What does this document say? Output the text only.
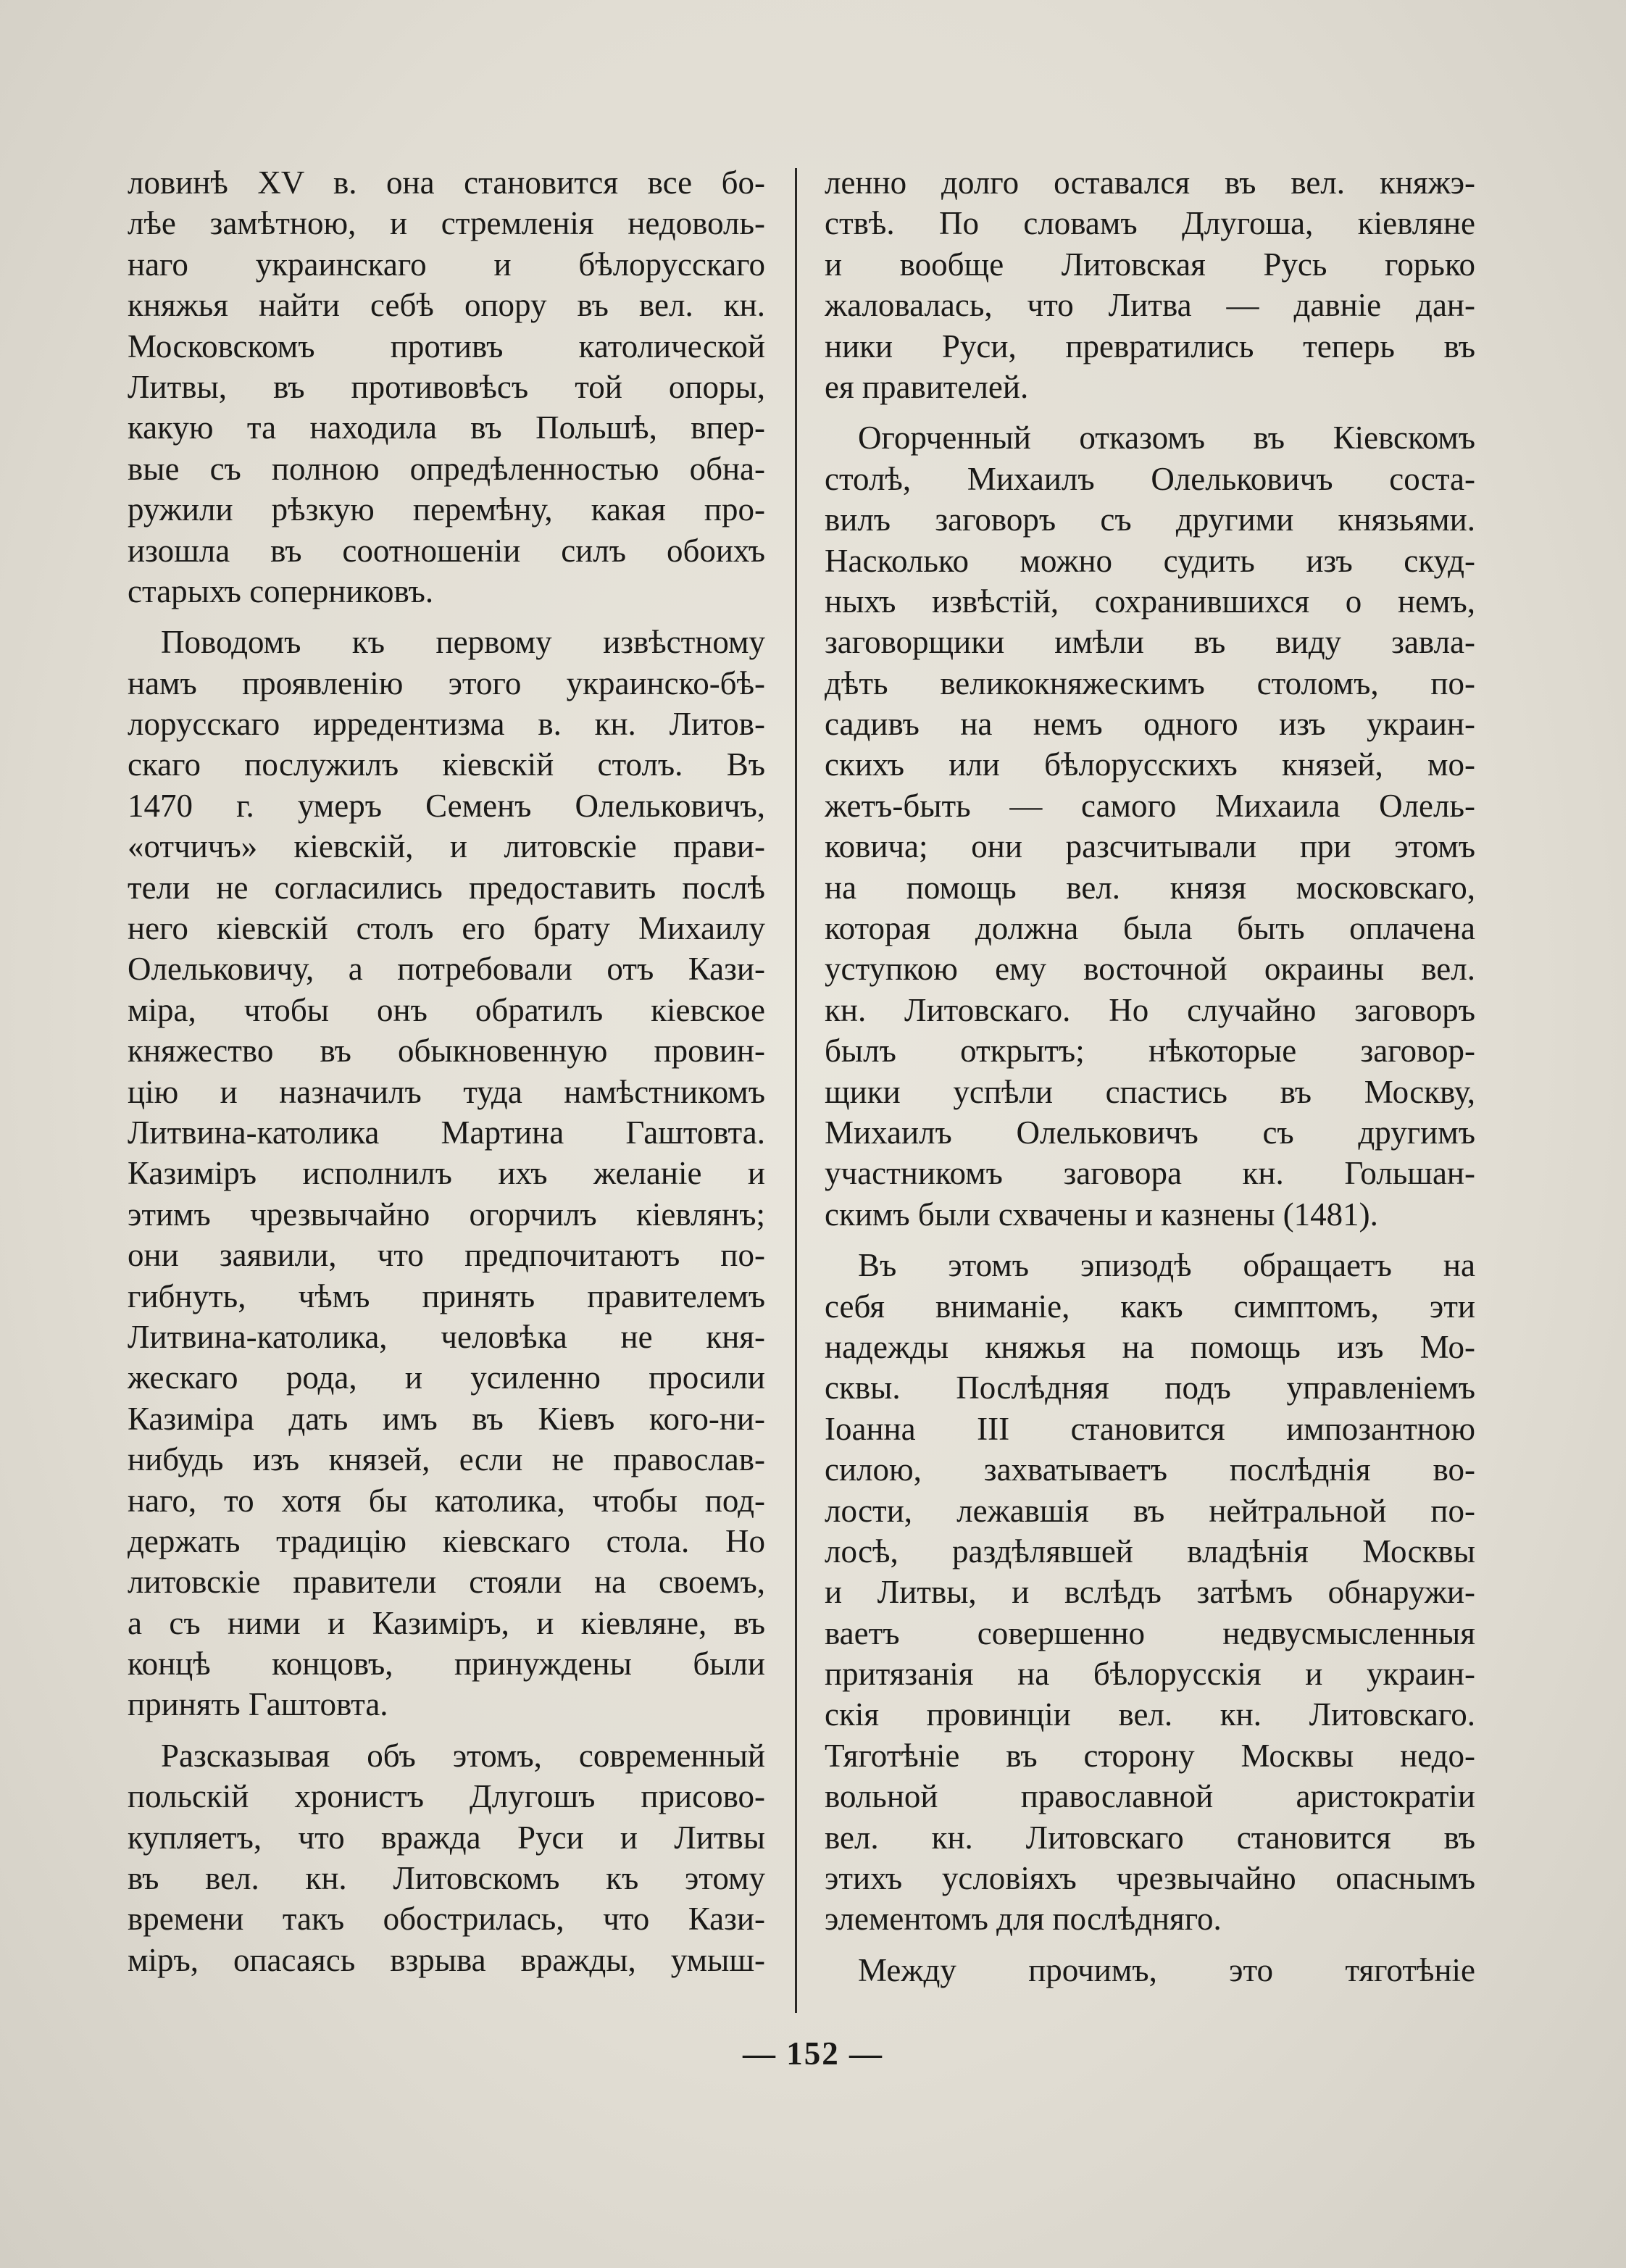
ловинѣ XV в. она становится все бо-
лѣе замѣтною, и стремленія недоволь-
наго украинскаго и бѣлорусскаго
княжья найти себѣ опору въ вел. кн.
Московскомъ противъ католической
Литвы, въ противовѣсъ той опоры,
какую та находила въ Польшѣ, впер-
вые съ полною опредѣленностью обна-
ружили рѣзкую перемѣну, какая про-
изошла въ соотношеніи силъ обоихъ
старыхъ соперниковъ.
Поводомъ къ первому извѣстному
намъ проявленію этого украинско-бѣ-
лорусскаго ирредентизма в. кн. Литов-
скаго послужилъ кіевскій столъ. Въ
1470 г. умеръ Семенъ Олельковичъ,
«отчичъ» кіевскій, и литовскіе прави-
тели не согласились предоставить послѣ
него кіевскій столъ его брату Михаилу
Олельковичу, а потребовали отъ Кази-
міра, чтобы онъ обратилъ кіевское
княжество въ обыкновенную провин-
цію и назначилъ туда намѣстникомъ
Литвина-католика Мартина Гаштовта.
Казиміръ исполнилъ ихъ желаніе и
этимъ чрезвычайно огорчилъ кіевлянъ;
они заявили, что предпочитаютъ по-
гибнуть, чѣмъ принять правителемъ
Литвина-католика, человѣка не кня-
жескаго рода, и усиленно просили
Казиміра дать имъ въ Кіевъ кого-ни-
нибудь изъ князей, если не православ-
наго, то хотя бы католика, чтобы под-
держать традицію кіевскаго стола. Но
литовскіе правители стояли на своемъ,
а съ ними и Казиміръ, и кіевляне, въ
концѣ концовъ, принуждены были
принять Гаштовта.
Разсказывая объ этомъ, современный
польскій хронистъ Длугошъ присово-
купляетъ, что вражда Руси и Литвы
въ вел. кн. Литовскомъ къ этому
времени такъ обострилась, что Кази-
міръ, опасаясь взрыва вражды, умыш-
ленно долго оставался въ вел. княжэ-
ствѣ. По словамъ Длугоша, кіевляне
и вообще Литовская Русь горько
жаловалась, что Литва — давніе дан-
ники Руси, превратились теперь въ
ея правителей.
Огорченный отказомъ въ Кіевскомъ
столѣ, Михаилъ Олельковичъ соста-
вилъ заговоръ съ другими князьями.
Насколько можно судить изъ скуд-
ныхъ извѣстій, сохранившихся о немъ,
заговорщики имѣли въ виду завла-
дѣть великокняжескимъ столомъ, по-
садивъ на немъ одного изъ украин-
скихъ или бѣлорусскихъ князей, мо-
жетъ-быть — самого Михаила Олель-
ковича; они разсчитывали при этомъ
на помощь вел. князя московскаго,
которая должна была быть оплачена
уступкою ему восточной окраины вел.
кн. Литовскаго. Но случайно заговоръ
былъ открытъ; нѣкоторые заговор-
щики успѣли спастись въ Москву,
Михаилъ Олельковичъ съ другимъ
участникомъ заговора кн. Гольшан-
скимъ были схвачены и казнены (1481).
Въ этомъ эпизодѣ обращаетъ на
себя вниманіе, какъ симптомъ, эти
надежды княжья на помощь изъ Мо-
сквы. Послѣдняя подъ управленіемъ
Іоанна III становится импозантною
силою, захватываетъ послѣднія во-
лости, лежавшія въ нейтральной по-
лосѣ, раздѣлявшей владѣнія Москвы
и Литвы, и вслѣдъ затѣмъ обнаружи-
ваетъ совершенно недвусмысленныя
притязанія на бѣлорусскія и украин-
скія провинціи вел. кн. Литовскаго.
Тяготѣніе въ сторону Москвы недо-
вольной православной аристократіи
вел. кн. Литовскаго становится въ
этихъ условіяхъ чрезвычайно опаснымъ
элементомъ для послѣдняго.
Между прочимъ, это тяготѣніе
— 152 —
